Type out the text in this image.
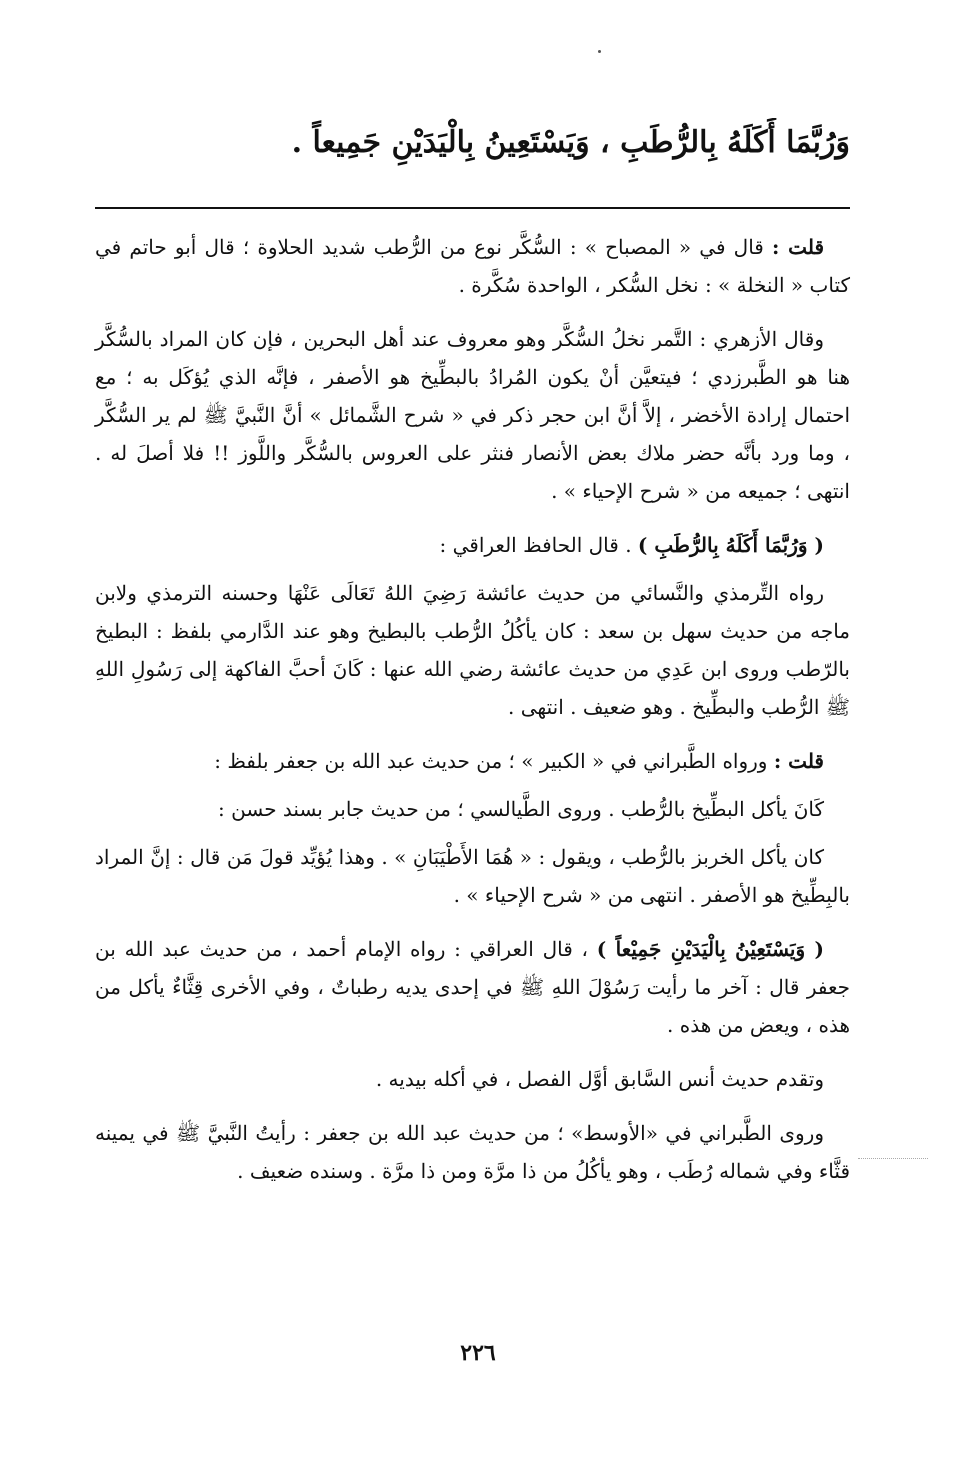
وَرُبَّمَا أَكَلَهُ بِالرُّطَبِ ، وَيَسْتَعِينُ بِالْيَدَيْنِ جَمِيعاً .

قلت : قال في « المصباح » : السُّكَّر نوع من الرُّطب شديد الحلاوة ؛ قال أبو حاتم في كتاب « النخلة » : نخل السُّكر ، الواحدة سُكَّرة .

وقال الأزهري : التَّمر نخلُ السُّكَّر وهو معروف عند أهل البحرين ، فإن كان المراد بالسُّكَّر هنا هو الطَّبرزدي ؛ فيتعيَّن أنْ يكون المُرادُ بالبطِّيخ هو الأصفر ، فإنَّه الذي يُؤكَل به ؛ مع احتمال إرادة الأخضر ، إلاَّ أنَّ ابن حجر ذكر في « شرح الشَّمائل » أنَّ النَّبيَّ ﷺ لم ير السُّكَّر ، وما ورد بأنَّه حضر ملاك بعض الأنصار فنثر على العروس بالسُّكَّر واللَّوز !! فلا أصلَ له . انتهى ؛ جميعه من « شرح الإحياء » .

( وَرُبَّمَا أَكَلَهُ بِالرُّطَبِ ) . قال الحافظ العراقي :

رواه التِّرمذي والنَّسائي من حديث عائشة رَضِيَ اللهُ تَعَالَى عَنْهَا وحسنه الترمذي ولابن ماجه من حديث سهل بن سعد : كان يأكُلُ الرُّطب بالبطيخ وهو عند الدَّارمي بلفظ : البطيخ بالرّطب وروى ابن عَدِي من حديث عائشة رضي الله عنها : كَانَ أحبَّ الفاكهة إلى رَسُولِ اللهِ ﷺ الرُّطب والبطِّيخ . وهو ضعيف . انتهى .

قلت : ورواه الطَّبراني في « الكبير » ؛ من حديث عبد الله بن جعفر بلفظ :

كَانَ يأكل البطِّيخ بالرُّطب . وروى الطَّيالسي ؛ من حديث جابر بسند حسن :

كان يأكل الخربز بالرُّطب ، ويقول : « هُمَا الأَطْيَبَانِ » . وهذا يُؤيِّد قولَ مَن قال : إنَّ المراد بالبِطِّيخ هو الأصفر . انتهى من « شرح الإحياء » .

( وَيَسْتَعِيْنُ بِالْيَدَيْنِ جَمِيْعاً ) ، قال العراقي : رواه الإمام أحمد ، من حديث عبد الله بن جعفر قال : آخر ما رأيت رَسُوْلَ اللهِ ﷺ في إحدى يديه رطباتٌ ، وفي الأخرى قِثَّاءٌ يأكل من هذه ، ويعض من هذه .

وتقدم حديث أنس السَّابق أوَّل الفصل ، في أكله بيديه .

وروى الطَّبراني في «الأوسط» ؛ من حديث عبد الله بن جعفر : رأيتُ النَّبيَّ ﷺ في يمينه قثَّاء وفي شماله رُطَب ، وهو يأكُلُ من ذا مرَّة ومن ذا مرَّة . وسنده ضعيف .

٢٢٦
